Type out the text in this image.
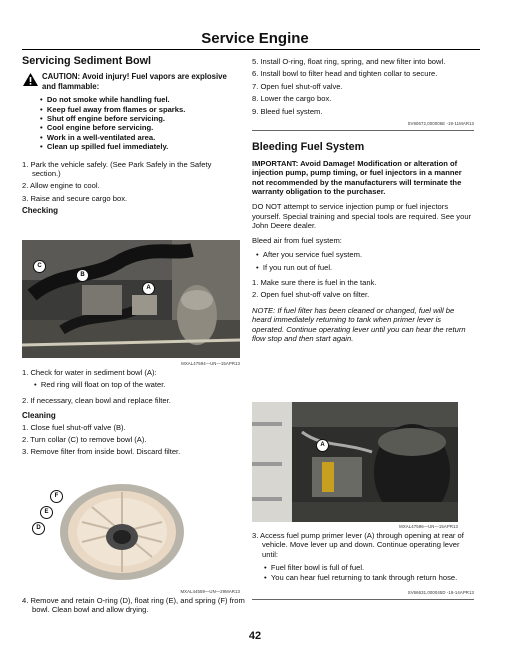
Service Engine
Servicing Sediment Bowl
CAUTION: Avoid injury! Fuel vapors are explosive and flammable:
•  Do not smoke while handling fuel.
•  Keep fuel away from flames or sparks.
•  Shut off engine before servicing.
•  Cool engine before servicing.
•  Work in a well-ventilated area.
•  Clean up spilled fuel immediately.
1. Park the vehicle safely. (See Park Safely in the Safety section.)
2. Allow engine to cool.
3. Raise and secure cargo box.
Checking
C
B
A
MXAL47594—UN—15APR13
1. Check for water in sediment bowl (A):
•  Red ring will float on top of the water.
2. If necessary, clean bowl and replace filter.
Cleaning
1. Close fuel shut-off valve (B).
2. Turn collar (C) to remove bowl (A).
3. Remove filter from inside bowl. Discard filter.
F
E
D
MXAL44559—UN—29MAR13
4. Remove and retain O-ring (D), float ring (E), and spring (F) from bowl. Clean bowl and allow drying.
5. Install O-ring, float ring, spring, and new filter into bowl.
6. Install bowl to filter head and tighten collar to secure.
7. Open fuel shut-off valve.
8. Lower the cargo box.
9. Bleed fuel system.
SV90672,000006E -19-11MAR13
Bleeding Fuel System
IMPORTANT: Avoid Damage! Modification or alteration of injection pump, pump timing, or fuel injectors in a manner not recommended by the manufacturers will terminate the warranty obligation to the purchaser.
DO NOT attempt to service injection pump or fuel injectors yourself. Special training and special tools are required. See your John Deere dealer.
Bleed air from fuel system:
•  After you service fuel system.
•  If you run out of fuel.
1. Make sure there is fuel in the tank.
2. Open fuel shut-off valve on filter.
NOTE: If fuel filter has been cleaned or changed, fuel will be heard immediately returning to tank when primer lever is operated. Continue operating lever until you can hear the return flow stop and then start again.
A
MXAL47596—UN—15APR13
3. Access fuel pump primer lever (A) through opening at rear of vehicle. Move lever up and down. Continue operating lever until:
•  Fuel filter bowl is full of fuel.
•  You can hear fuel returning to tank through return hose.
SV66631,000045D -19-14APR13
42
